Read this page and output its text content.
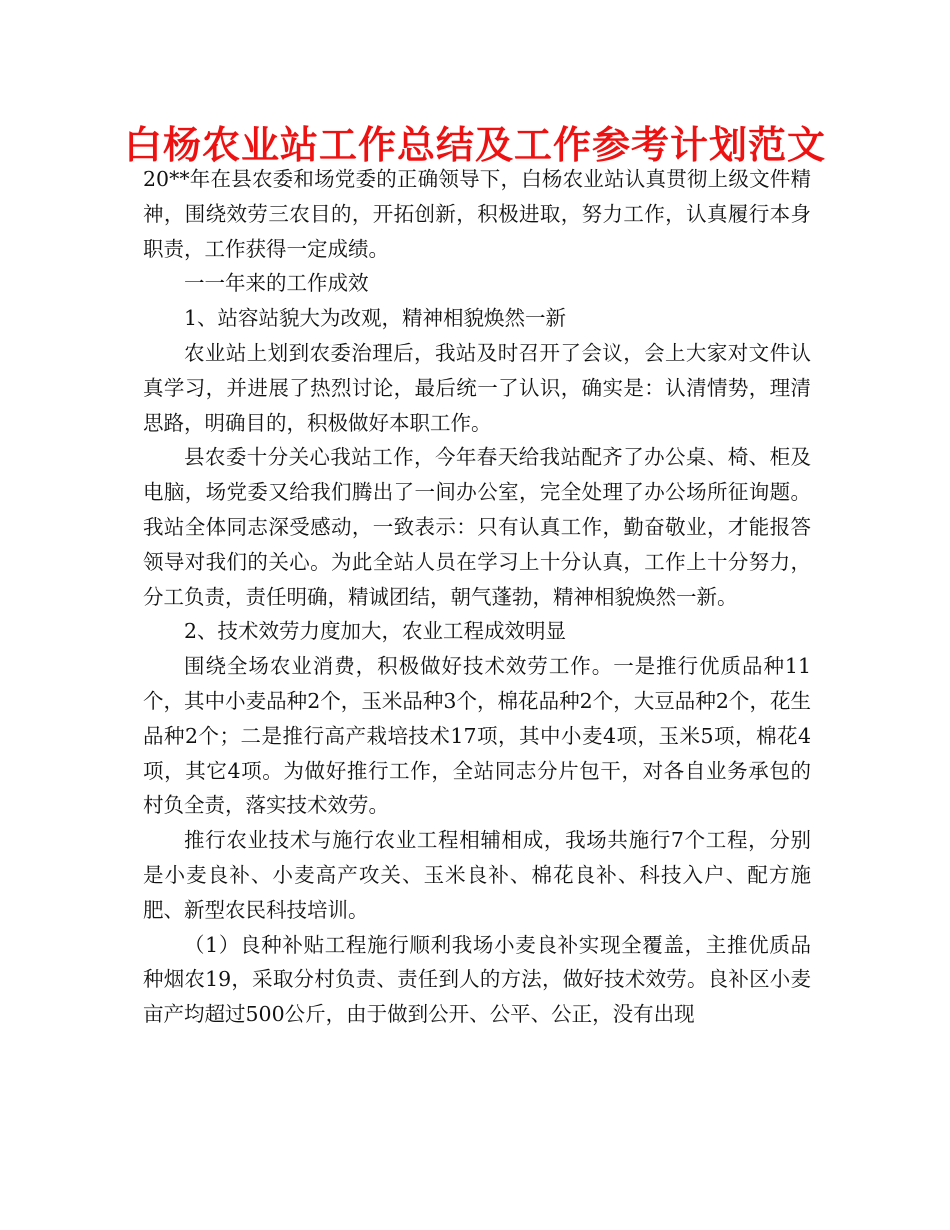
白杨农业站工作总结及工作参考计划范文

20**年在县农委和场党委的正确领导下，白杨农业站认真贯彻上级文件精神，围绕效劳三农目的，开拓创新，积极进取，努力工作，认真履行本身职责，工作获得一定成绩。

一一年来的工作成效

1、站容站貌大为改观，精神相貌焕然一新

农业站上划到农委治理后，我站及时召开了会议，会上大家对文件认真学习，并进展了热烈讨论，最后统一了认识，确实是：认清情势，理清思路，明确目的，积极做好本职工作。

县农委十分关心我站工作，今年春天给我站配齐了办公桌、椅、柜及电脑，场党委又给我们腾出了一间办公室，完全处理了办公场所征询题。我站全体同志深受感动，一致表示：只有认真工作，勤奋敬业，才能报答领导对我们的关心。为此全站人员在学习上十分认真，工作上十分努力，分工负责，责任明确，精诚团结，朝气蓬勃，精神相貌焕然一新。

2、技术效劳力度加大，农业工程成效明显

围绕全场农业消费，积极做好技术效劳工作。一是推行优质品种11个，其中小麦品种2个，玉米品种3个，棉花品种2个，大豆品种2个，花生品种2个；二是推行高产栽培技术17项，其中小麦4项，玉米5项，棉花4项，其它4项。为做好推行工作，全站同志分片包干，对各自业务承包的村负全责，落实技术效劳。

推行农业技术与施行农业工程相辅相成，我场共施行7个工程，分别是小麦良补、小麦高产攻关、玉米良补、棉花良补、科技入户、配方施肥、新型农民科技培训。

（1）良种补贴工程施行顺利我场小麦良补实现全覆盖，主推优质品种烟农19，采取分村负责、责任到人的方法，做好技术效劳。良补区小麦亩产均超过500公斤，由于做到公开、公平、公正，没有出现
